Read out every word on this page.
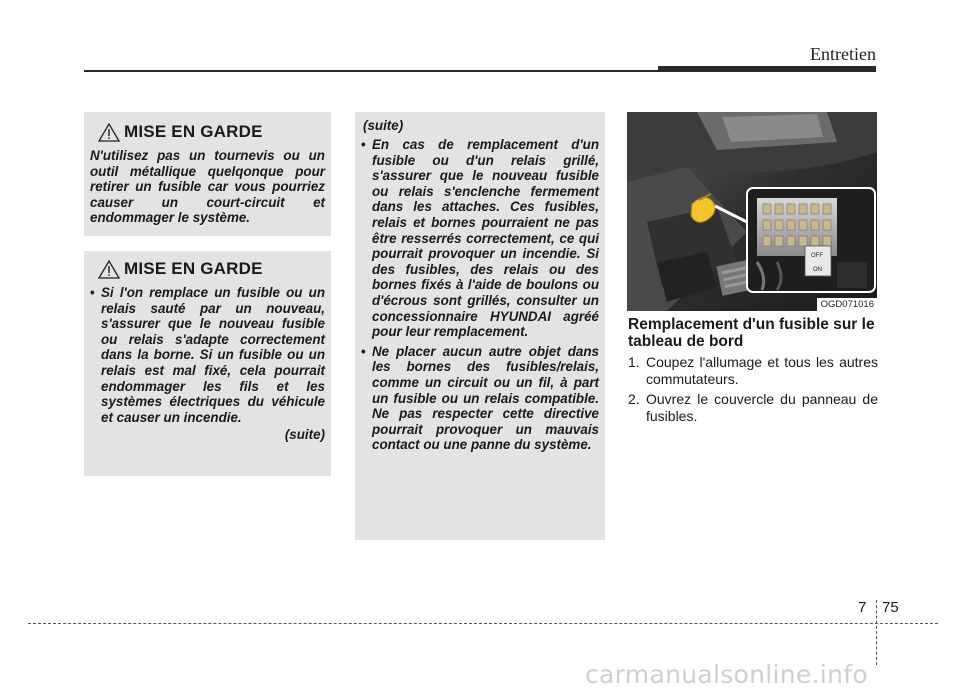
Entretien
MISE EN GARDE

N'utilisez pas un tournevis ou un outil métallique quelqonque pour retirer un fusible car vous pourriez causer un court-circuit et endommager le système.

MISE EN GARDE
• Si l'on remplace un fusible ou un relais sauté par un nouveau, s'assurer que le nouveau fusible ou relais s'adapte correctement dans la borne. Si un fusible ou un relais est mal fixé, cela pourrait endommager les fils et les systèmes électriques du véhicule et causer un incendie.

(suite)
(suite)
• En cas de remplacement d'un fusible ou d'un relais grillé, s'assurer que le nouveau fusible ou relais s'enclenche fermement dans les attaches. Ces fusibles, relais et bornes pourraient ne pas être resserrés correctement, ce qui pourrait provoquer un incendie. Si des fusibles, des relais ou des bornes fixés à l'aide de boulons ou d'écrous sont grillés, consulter un concessionnaire HYUNDAI agréé pour leur remplacement.

• Ne placer aucun autre objet dans les bornes des fusibles/relais, comme un circuit ou un fil, à part un fusible ou un relais compatible. Ne pas respecter cette directive pourrait provoquer un mauvais contact ou une panne du système.

OFF
ON
OGD071016
Remplacement d'un fusible sur le tableau de bord
1. Coupez l'allumage et tous les autres commutateurs.
2. Ouvrez le couvercle du panneau de fusibles.
7 75
carmanualsonline.info
